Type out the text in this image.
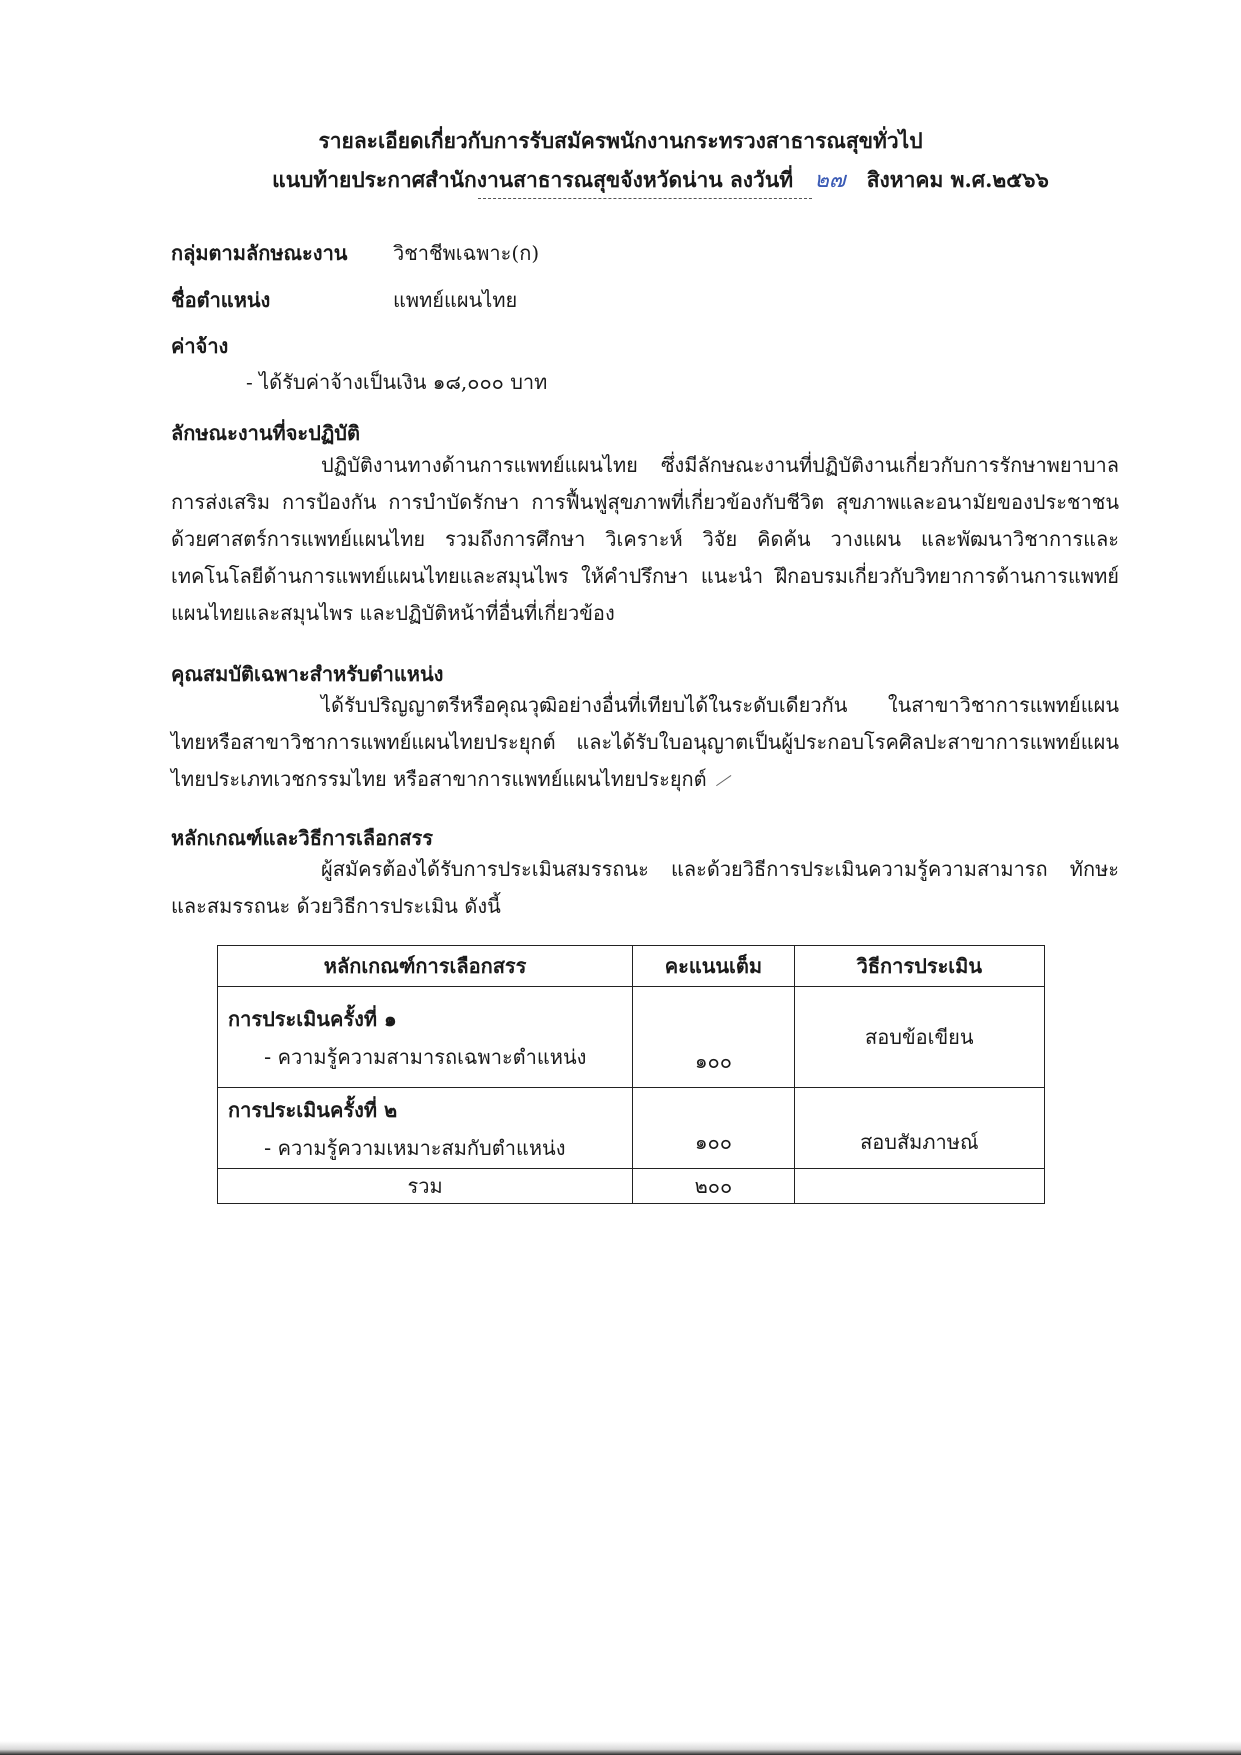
รายละเอียดเกี่ยวกับการรับสมัครพนักงานกระทรวงสาธารณสุขทั่วไป
แนบท้ายประกาศสำนักงานสาธารณสุขจังหวัดน่าน ลงวันที่ ๒๗ สิงหาคม พ.ศ.๒๕๖๖
กลุ่มตามลักษณะงาน วิชาชีพเฉพาะ(ก)
ชื่อตำแหน่ง	แพทย์แผนไทย
ค่าจ้าง
- ได้รับค่าจ้างเป็นเงิน ๑๘,๐๐๐ บาท
ลักษณะงานที่จะปฏิบัติ
ปฏิบัติงานทางด้านการแพทย์แผนไทย ซึ่งมีลักษณะงานที่ปฏิบัติงานเกี่ยวกับการรักษาพยาบาล การส่งเสริม การป้องกัน การบำบัดรักษา การฟื้นฟูสุขภาพที่เกี่ยวข้องกับชีวิต สุขภาพและอนามัยของประชาชนด้วยศาสตร์การแพทย์แผนไทย รวมถึงการศึกษา วิเคราะห์ วิจัย คิดค้น วางแผน และพัฒนาวิชาการและเทคโนโลยีด้านการแพทย์แผนไทยและสมุนไพร ให้คำปรึกษา แนะนำ ฝึกอบรมเกี่ยวกับวิทยาการด้านการแพทย์แผนไทยและสมุนไพร และปฏิบัติหน้าที่อื่นที่เกี่ยวข้อง
คุณสมบัติเฉพาะสำหรับตำแหน่ง
ได้รับปริญญาตรีหรือคุณวุฒิอย่างอื่นที่เทียบได้ในระดับเดียวกัน ในสาขาวิชาการแพทย์แผนไทยหรือสาขาวิชาการแพทย์แผนไทยประยุกต์ และได้รับใบอนุญาตเป็นผู้ประกอบโรคศิลปะสาขาการแพทย์แผนไทยประเภทเวชกรรมไทย หรือสาขาการแพทย์แผนไทยประยุกต์
หลักเกณฑ์และวิธีการเลือกสรร
ผู้สมัครต้องได้รับการประเมินสมรรถนะ และด้วยวิธีการประเมินความรู้ความสามารถ ทักษะและสมรรถนะ ด้วยวิธีการประเมิน ดังนี้
หลักเกณฑ์การเลือกสรร	คะแนนเต็ม	วิธีการประเมิน

การประเมินครั้งที่ ๑
- ความรู้ความสามารถเฉพาะตำแหน่ง	๑๐๐	สอบข้อเขียน

การประเมินครั้งที่ ๒
- ความรู้ความเหมาะสมกับตำแหน่ง	๑๐๐	สอบสัมภาษณ์
รวม	๒๐๐	
